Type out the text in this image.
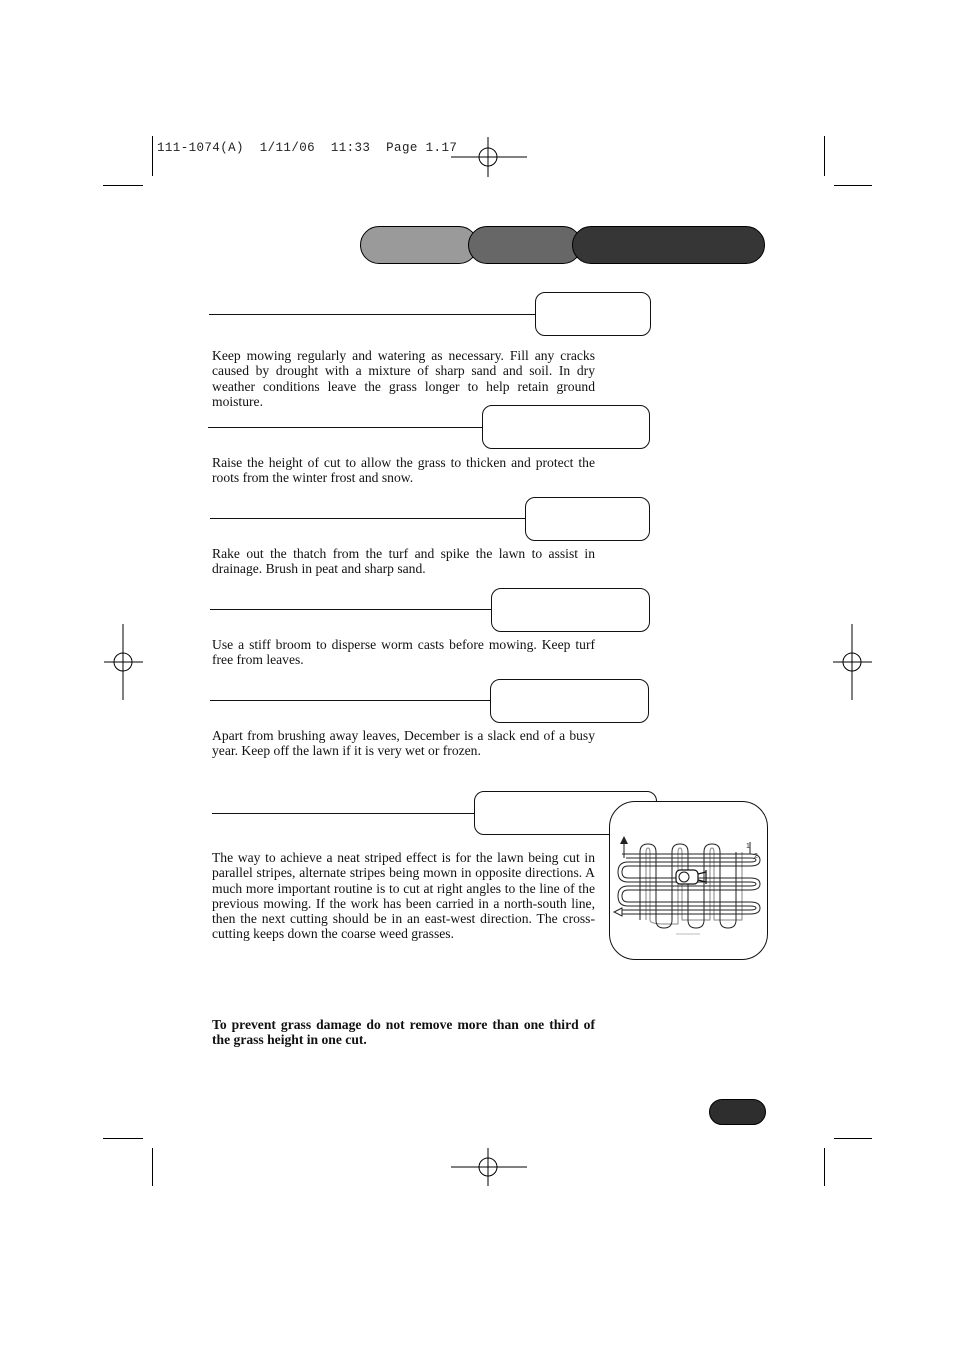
111-1074(A)  1/11/06  11:33  Page 1.17
Keep mowing regularly and watering as necessary. Fill any cracks caused by drought with a mixture of sharp sand and soil. In dry weather conditions leave the grass longer to help retain ground moisture.
Raise the height of cut to allow the grass to thicken and protect the roots from the winter frost and snow.
Rake out the thatch from the turf and spike the lawn to assist in drainage. Brush in peat and sharp sand.
Use a stiff broom to disperse worm casts before mowing. Keep turf free from leaves.
Apart from brushing away leaves, December is a slack end of a busy year. Keep off the lawn if it is very wet or frozen.
The way to achieve a neat striped effect is for the lawn being cut in parallel stripes, alternate stripes being mown in opposite directions. A much more important routine is to cut at right angles to the line of the previous mowing. If the work has been carried in a north-south line, then the next cutting should be in an east-west direction. The cross-cutting keeps down the coarse weed grasses.
1
2
To prevent grass damage do not remove more than one third of the grass height in one cut.
